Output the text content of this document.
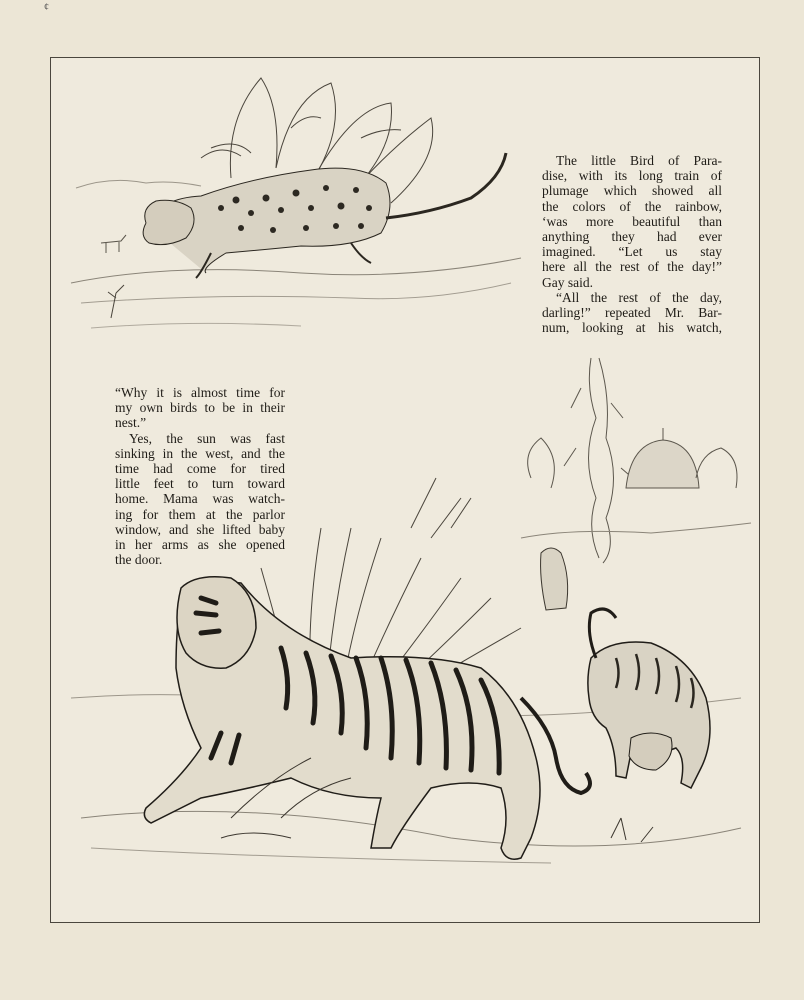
¢
The little Bird of Para-
dise, with its long train of
plumage which showed all
the colors of the rainbow,
‘was more beautiful than
anything they had ever
imagined. “Let us stay
here all the rest of the day!”
Gay said.
“All the rest of the day,
darling!” repeated Mr. Bar-
num, looking at his watch,
“Why it is almost time for
my own birds to be in their
nest.”
Yes, the sun was fast
sinking in the west, and the
time had come for tired
little feet to turn toward
home. Mama was watch-
ing for them at the parlor
window, and she lifted baby
in her arms as she opened
the door.
